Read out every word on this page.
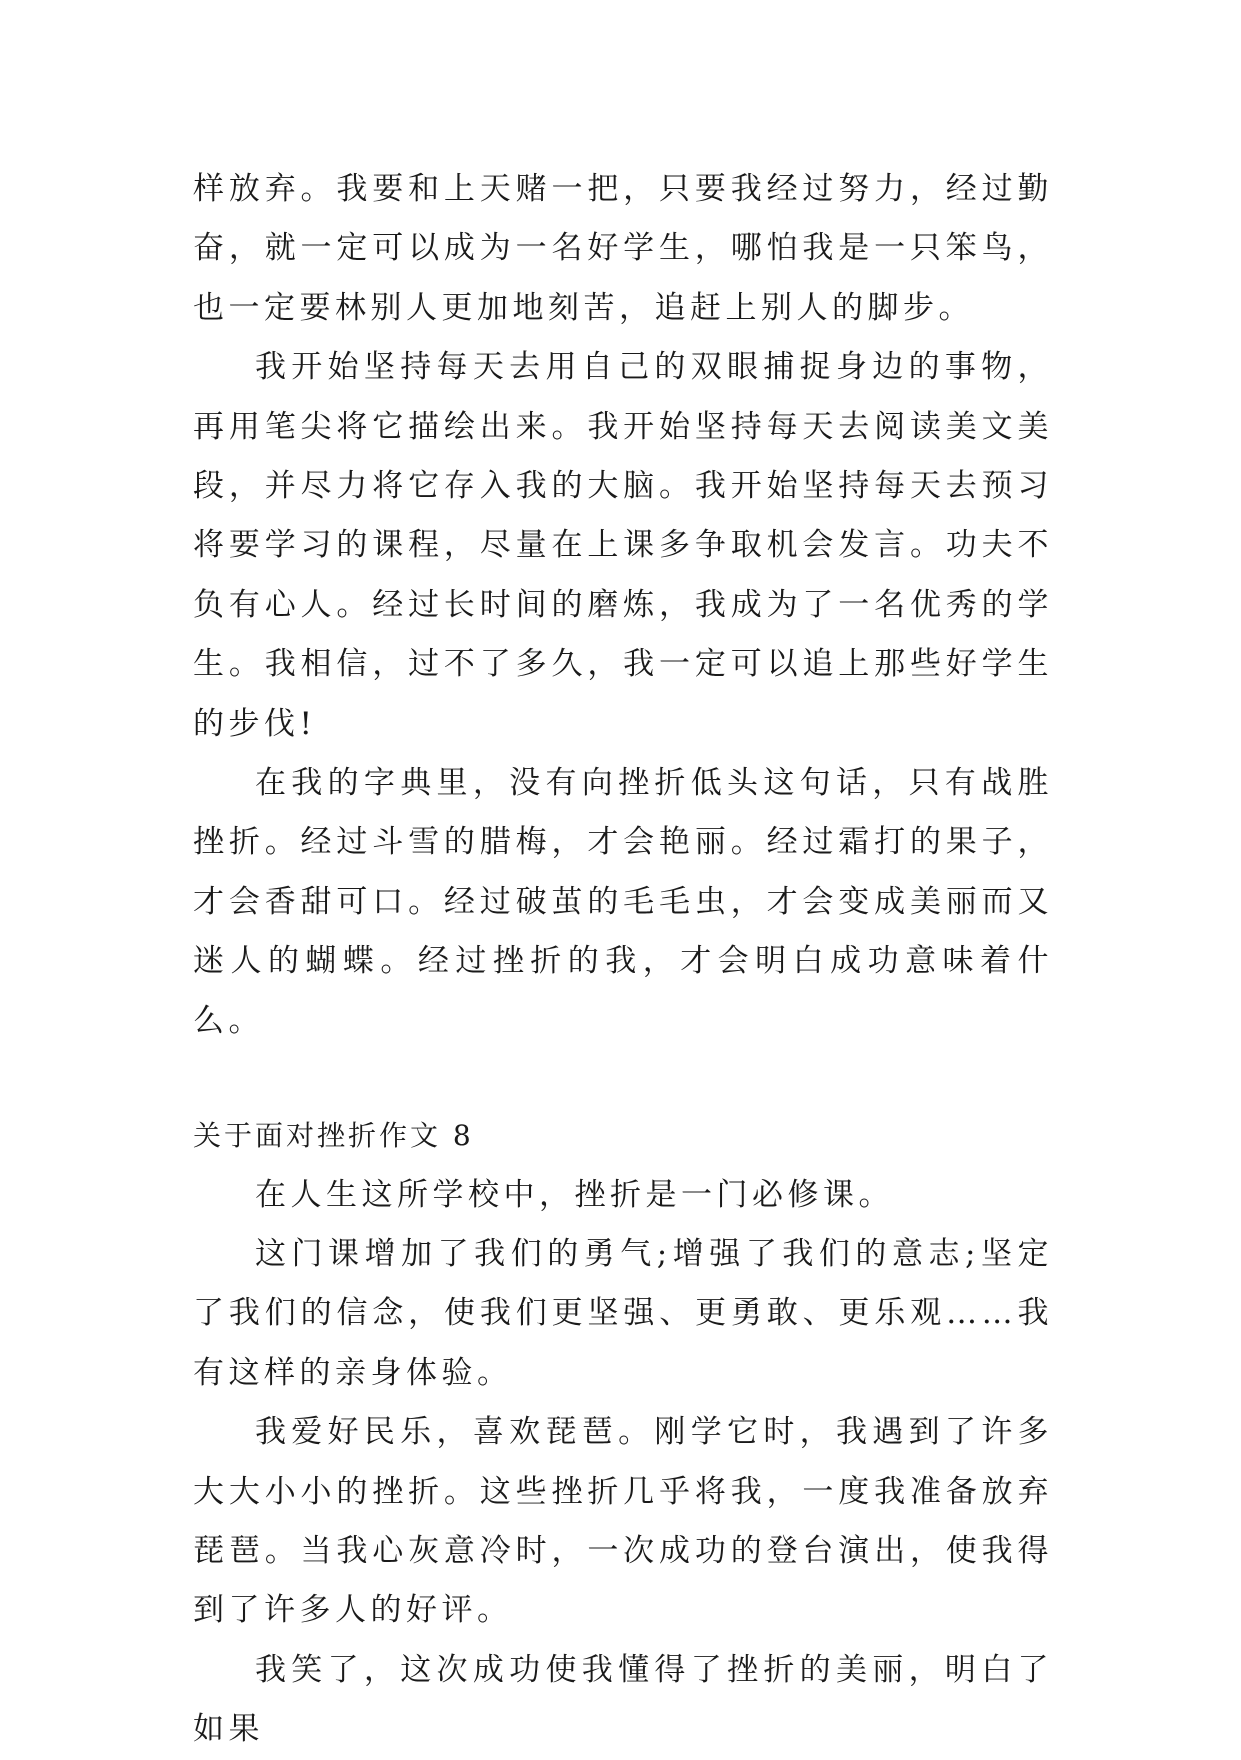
样放弃。我要和上天赌一把，只要我经过努力，经过勤奋，就一定可以成为一名好学生，哪怕我是一只笨鸟，也一定要林别人更加地刻苦，追赶上别人的脚步。

我开始坚持每天去用自己的双眼捕捉身边的事物，再用笔尖将它描绘出来。我开始坚持每天去阅读美文美段，并尽力将它存入我的大脑。我开始坚持每天去预习将要学习的课程，尽量在上课多争取机会发言。功夫不负有心人。经过长时间的磨炼，我成为了一名优秀的学生。我相信，过不了多久，我一定可以追上那些好学生的步伐!

在我的字典里，没有向挫折低头这句话，只有战胜挫折。经过斗雪的腊梅，才会艳丽。经过霜打的果子，才会香甜可口。经过破茧的毛毛虫，才会变成美丽而又迷人的蝴蝶。经过挫折的我，才会明白成功意味着什么。

关于面对挫折作文 8

在人生这所学校中，挫折是一门必修课。

这门课增加了我们的勇气;增强了我们的意志;坚定了我们的信念，使我们更坚强、更勇敢、更乐观……我有这样的亲身体验。

我爱好民乐，喜欢琵琶。刚学它时，我遇到了许多大大小小的挫折。这些挫折几乎将我，一度我准备放弃琵琶。当我心灰意冷时，一次成功的登台演出，使我得到了许多人的好评。

我笑了，这次成功使我懂得了挫折的美丽，明白了如果
